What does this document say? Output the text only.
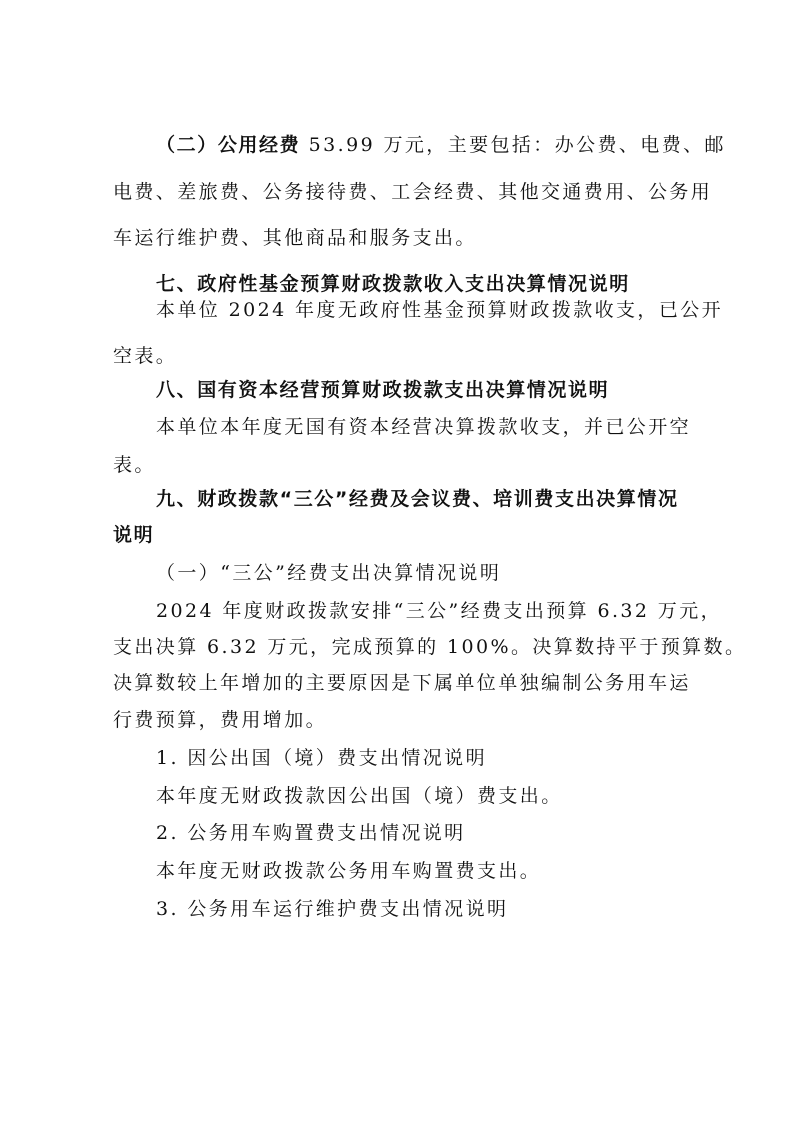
（二）公用经费 53.99 万元，主要包括：办公费、电费、邮
电费、差旅费、公务接待费、工会经费、其他交通费用、公务用
车运行维护费、其他商品和服务支出。
七、政府性基金预算财政拨款收入支出决算情况说明
本单位 2024 年度无政府性基金预算财政拨款收支，已公开
空表。
八、国有资本经营预算财政拨款支出决算情况说明
本单位本年度无国有资本经营决算拨款收支，并已公开空
表。
九、财政拨款“三公”经费及会议费、培训费支出决算情况
说明
（一）“三公”经费支出决算情况说明
2024 年度财政拨款安排“三公”经费支出预算 6.32 万元，
支出决算 6.32 万元，完成预算的 100%。决算数持平于预算数。
决算数较上年增加的主要原因是下属单位单独编制公务用车运
行费预算，费用增加。
1. 因公出国（境）费支出情况说明
本年度无财政拨款因公出国（境）费支出。
2. 公务用车购置费支出情况说明
本年度无财政拨款公务用车购置费支出。
3. 公务用车运行维护费支出情况说明
